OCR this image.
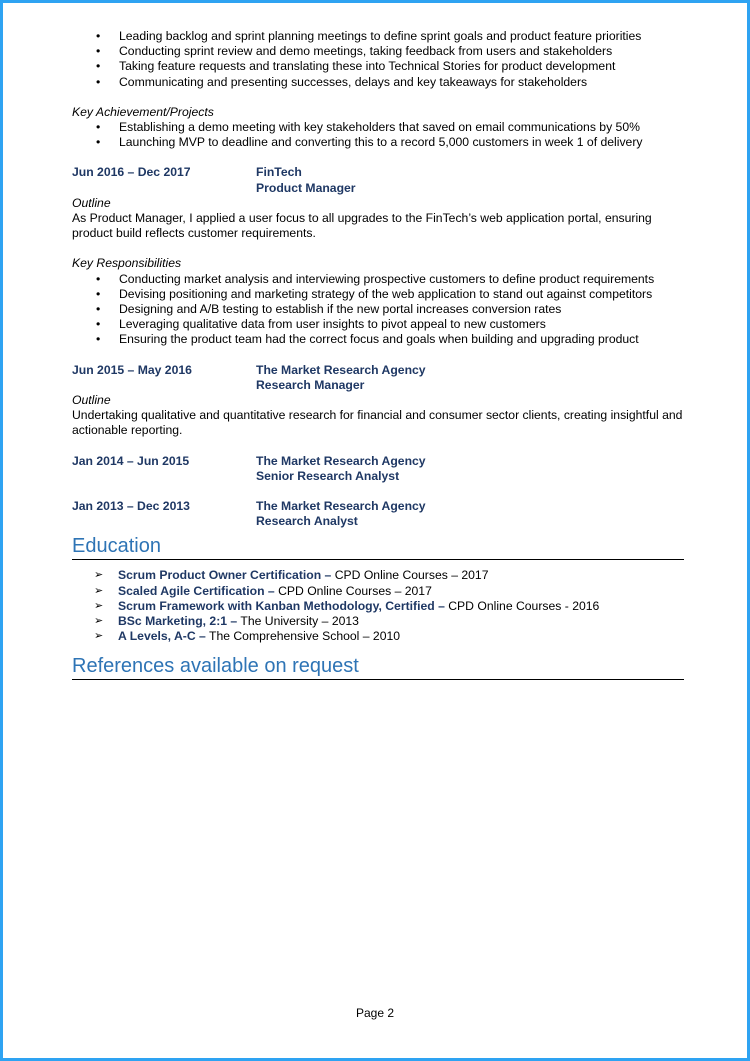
• Leading backlog and sprint planning meetings to define sprint goals and product feature priorities
• Conducting sprint review and demo meetings, taking feedback from users and stakeholders
• Taking feature requests and translating these into Technical Stories for product development
• Communicating and presenting successes, delays and key takeaways for stakeholders
Key Achievement/Projects
• Establishing a demo meeting with key stakeholders that saved on email communications by 50%
• Launching MVP to deadline and converting this to a record 5,000 customers in week 1 of delivery
Jun 2016 – Dec 2017	FinTech
Product Manager
Outline

As Product Manager, I applied a user focus to all upgrades to the FinTech’s web application portal, ensuring product build reflects customer requirements.

Key Responsibilities
• Conducting market analysis and interviewing prospective customers to define product requirements
• Devising positioning and marketing strategy of the web application to stand out against competitors
• Designing and A/B testing to establish if the new portal increases conversion rates
• Leveraging qualitative data from user insights to pivot appeal to new customers
• Ensuring the product team had the correct focus and goals when building and upgrading product
Jun 2015 – May 2016	The Market Research Agency
Research Manager
Outline

Undertaking qualitative and quantitative research for financial and consumer sector clients, creating insightful and actionable reporting.

Jan 2014 – Jun 2015	The Market Research Agency
Senior Research Analyst
Jan 2013 – Dec 2013	The Market Research Agency
Research Analyst
Education
➢ Scrum Product Owner Certification – CPD Online Courses – 2017
➢ Scaled Agile Certification – CPD Online Courses – 2017
➢ Scrum Framework with Kanban Methodology, Certified – CPD Online Courses - 2016
➢ BSc Marketing, 2:1 – The University – 2013
➢ A Levels, A-C – The Comprehensive School – 2010
References available on request
Page 2
